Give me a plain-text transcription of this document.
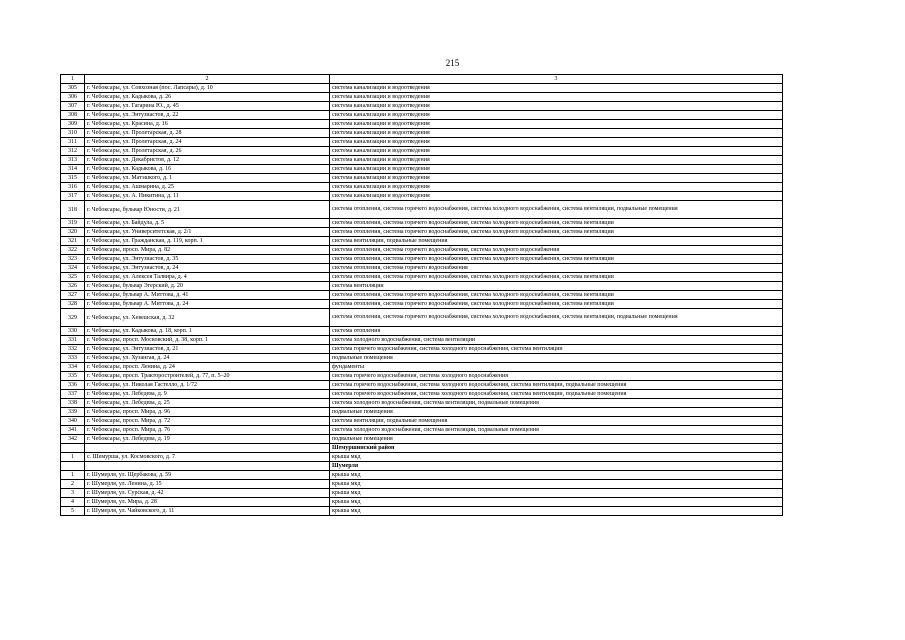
215
1	2	3
305	г. Чебоксары, ул. Совхозная (пос. Лапсары), д. 10	система канализации и водоотведения
306	г. Чебоксары, ул. Кадыкова, д. 26	система канализации и водоотведения
307	г. Чебоксары, ул. Гагарина Ю., д. 45	система канализации и водоотведения
308	г. Чебоксары, ул. Энтузиастов, д. 22	система канализации и водоотведения
309	г. Чебоксары, ул. Красина, д. 16	система канализации и водоотведения
310	г. Чебоксары, ул. Пролетарская, д. 28	система канализации и водоотведения
311	г. Чебоксары, ул. Пролетарская, д. 24	система канализации и водоотведения
312	г. Чебоксары, ул. Пролетарская, д. 26	система канализации и водоотведения
313	г. Чебоксары, ул. Декабристов, д. 12	система канализации и водоотведения
314	г. Чебоксары, ул. Кадыкова, д. 16	система канализации и водоотведения
315	г. Чебоксары, ул. Матэшкого, д. 1	система канализации и водоотведения
316	г. Чебоксары, ул. Ашмарина, д. 25	система канализации и водоотведения
317	г. Чебоксары, ул. А. Никитина, д. 11	система канализации и водоотведения
318	г. Чебоксары, бульвар Юности, д. 21	система отопления, система горячего водоснабжения, система холодного водоснабжения, система вентиляции, подвальные помещения
319	г. Чебоксары, ул. Байдула, д. 5	система отопления, система горячего водоснабжения, система холодного водоснабжения, система вентиляции
320	г. Чебоксары, ул. Университетская, д. 2/1	система отопления, система горячего водоснабжения, система холодного водоснабжения, система вентиляции
321	г. Чебоксары, ул. Гражданская, д. 119, корп. 1	система вентиляции, подвальные помещения
322	г. Чебоксары, просп. Мира, д. 82	система отопления, система горячего водоснабжения, система холодного водоснабжения
323	г. Чебоксары, ул. Энтузиастов, д. 35	система отопления, система горячего водоснабжения, система холодного водоснабжения, система вентиляции
324	г. Чебоксары, ул. Энтузиастов, д. 24	система отопления, система горячего водоснабжения
325	г. Чебоксары, ул. Алексея Талвира, д. 4	система отопления, система горячего водоснабжения, система холодного водоснабжения, система вентиляции
326	г. Чебоксары, бульвар Эгерский, д. 20	система вентиляции
327	г. Чебоксары, бульвар А. Миттова, д. 41	система отопления, система горячего водоснабжения, система холодного водоснабжения, система вентиляции
328	г. Чебоксары, бульвар А. Миттова, д. 24	система отопления, система горячего водоснабжения, система холодного водоснабжения, система вентиляции
329	г. Чебоксары, ул. Хевешская, д. 32	система отопления, система горячего водоснабжения, система холодного водоснабжения, система вентиляции, подвальные помещения
330	г. Чебоксары, ул. Кадыкова, д. 18, корп. 1	система отопления
331	г. Чебоксары, просп. Московский, д. 38, корп. 1	система холодного водоснабжения, система вентиляции
332	г. Чебоксары, ул. Энтузиастов, д. 21	система горячего водоснабжения, система холодного водоснабжения, система вентиляции
333	г. Чебоксары, ул. Хузангая, д. 24	подвальные помещения
334	г. Чебоксары, просп. Ленина, д. 24	фундаменты
335	г. Чебоксары, просп. Тракторостроителей, д. 77, п. 5–20	система горячего водоснабжения, система холодного водоснабжения
336	г. Чебоксары, ул. Николая Гастелло, д. 1/72	система горячего водоснабжения, система холодного водоснабжения, система вентиляции, подвальные помещения
337	г. Чебоксары, ул. Лебедева, д. 9	система горячего водоснабжения, система холодного водоснабжения, система вентиляции, подвальные помещения
338	г. Чебоксары, ул. Лебедева, д. 25	система холодного водоснабжения, система вентиляции, подвальные помещения
339	г. Чебоксары, просп. Мира, д. 96	подвальные помещения
340	г. Чебоксары, просп. Мира, д. 72	система вентиляции, подвальные помещения
341	г. Чебоксары, просп. Мира, д. 76	система холодного водоснабжения, система вентиляции, подвальные помещения
342	г. Чебоксары, ул. Лебедева, д. 19	подвальные помещения
		Шемуршинский район
1	с. Шемурша, ул. Космовского, д. 7	крыша мкд
		Шумерля
1	г. Шумерля, ул. Щербакова, д. 59	крыша мкд
2	г. Шумерля, ул. Ленина, д. 15	крыша мкд
3	г. Шумерля, ул. Сурская, д. 42	крыша мкд
4	г. Шумерля, ул. Мира, д. 28	крыша мкд
5	г. Шумерля, ул. Чайковского, д. 11	крыша мкд
